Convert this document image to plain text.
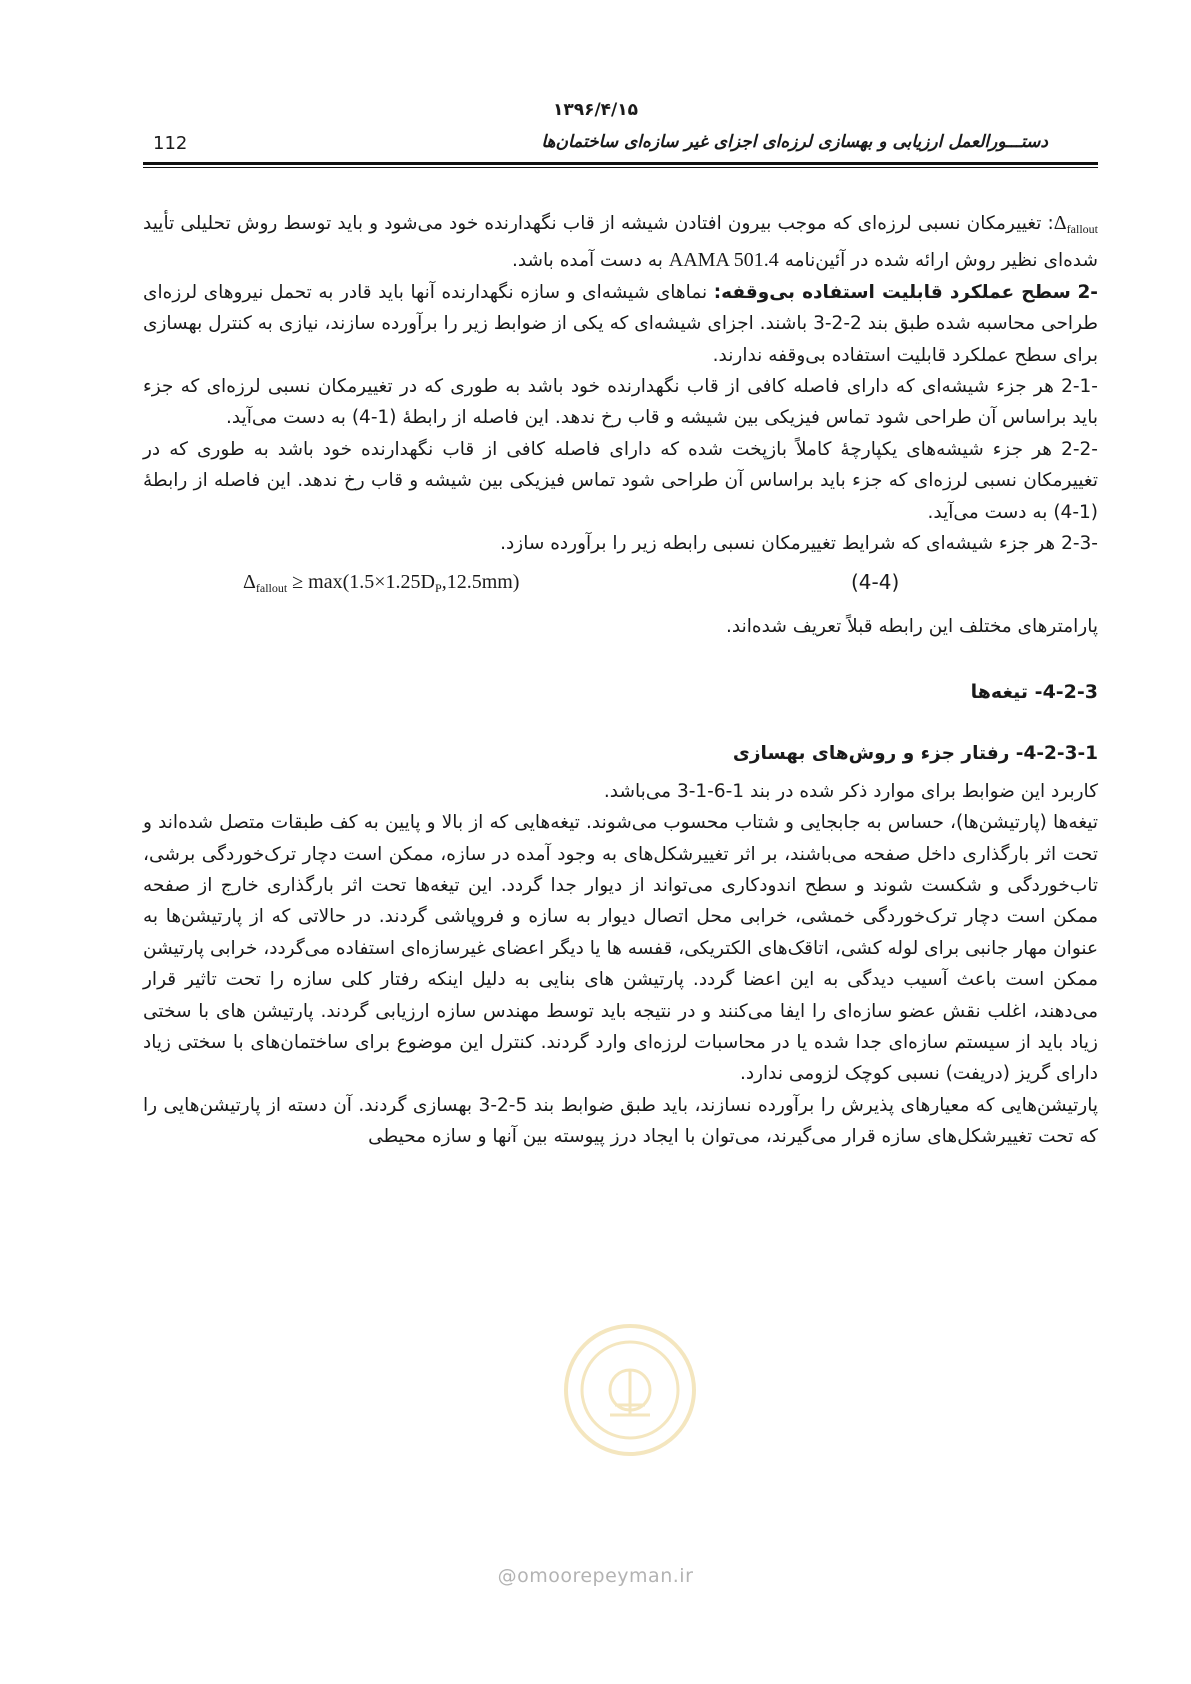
۱۳۹۶/۴/۱۵
112	دستـــورالعمل ارزیابی و بهسازی لرزه‌ای اجزای غیر سازه‌ای ساختمان‌ها

$\Delta_{fallout}$: تغییرمکان نسبی لرزه‌ای که موجب بیرون افتادن شیشه از قاب نگهدارنده خود می‌شود و باید توسط روش تحلیلی تأیید شده‌ای نظیر روش ارائه شده در آئین‌نامه AAMA 501.4 به دست آمده باشد.

2- سطح عملکرد قابلیت استفاده بی‌وقفه: نماهای شیشه‌ای و سازه نگهدارنده آنها باید قادر به تحمل نیروهای لرزه‌ای طراحی محاسبه شده طبق بند 3-2-2 باشند. اجزای شیشه‌ای که یکی از ضوابط زیر را برآورده سازند، نیازی به کنترل بهسازی برای سطح عملکرد قابلیت استفاده بی‌وقفه ندارند.

2-1- هر جزء شیشه‌ای که دارای فاصله کافی از قاب نگهدارنده خود باشد به طوری که در تغییرمکان نسبی لرزه‌ای که جزء باید براساس آن طراحی شود تماس فیزیکی بین شیشه و قاب رخ ندهد. این فاصله از رابطهٔ (4-1) به دست می‌آید.

2-2- هر جزء شیشه‌های یکپارچهٔ کاملاً بازپخت شده که دارای فاصله کافی از قاب نگهدارنده خود باشد به طوری که در تغییرمکان نسبی لرزه‌ای که جزء باید براساس آن طراحی شود تماس فیزیکی بین شیشه و قاب رخ ندهد. این فاصله از رابطهٔ (4-1) به دست می‌آید.

2-3- هر جزء شیشه‌ای که شرایط تغییرمکان نسبی رابطه زیر را برآورده سازد.

$\Delta_{fallout} \ge \max(1.5\times 1.25D_P,12.5mm)$	(4-4)

پارامترهای مختلف این رابطه قبلاً تعریف شده‌اند.

4-2-3- تیغه‌ها

4-2-3-1- رفتار جزء و روش‌های بهسازی

کاربرد این ضوابط برای موارد ذکر شده در بند 3-1-6-1 می‌باشد.

تیغه‌ها (پارتیشن‌ها)، حساس به جابجایی و شتاب محسوب می‌شوند. تیغه‌هایی که از بالا و پایین به کف طبقات متصل شده‌اند و تحت اثر بارگذاری داخل صفحه می‌باشند، بر اثر تغییرشکل‌های به وجود آمده در سازه، ممکن است دچار ترک‌خوردگی برشی، تاب‌خوردگی و شکست شوند و سطح اندودکاری می‌تواند از دیوار جدا گردد. این تیغه‌ها تحت اثر بارگذاری خارج از صفحه ممکن است دچار ترک‌خوردگی خمشی، خرابی محل اتصال دیوار به سازه و فروپاشی گردند. در حالاتی که از پارتیشن‌ها به عنوان مهار جانبی برای لوله کشی، اتاقک‌های الکتریکی، قفسه ها یا دیگر اعضای غیرسازه‌ای استفاده می‌گردد، خرابی پارتیشن ممکن است باعث آسیب دیدگی به این اعضا گردد. پارتیشن های بنایی به دلیل اینکه رفتار کلی سازه را تحت تاثیر قرار می‌دهند، اغلب نقش عضو سازه‌ای را ایفا می‌کنند و در نتیجه باید توسط مهندس سازه ارزیابی گردند. پارتیشن های با سختی زیاد باید از سیستم سازه‌ای جدا شده یا در محاسبات لرزه‌ای وارد گردند. کنترل این موضوع برای ساختمان‌های با سختی زیاد دارای گریز (دریفت) نسبی کوچک لزومی ندارد.

پارتیشن‌هایی که معیارهای پذیرش را برآورده نسازند، باید طبق ضوابط بند 3-2-5 بهسازی گردند. آن دسته از پارتیشن‌هایی را که تحت تغییرشکل‌های سازه قرار می‌گیرند، می‌توان با ایجاد درز پیوسته بین آنها و سازه محیطی

@omoorepeyman.ir
